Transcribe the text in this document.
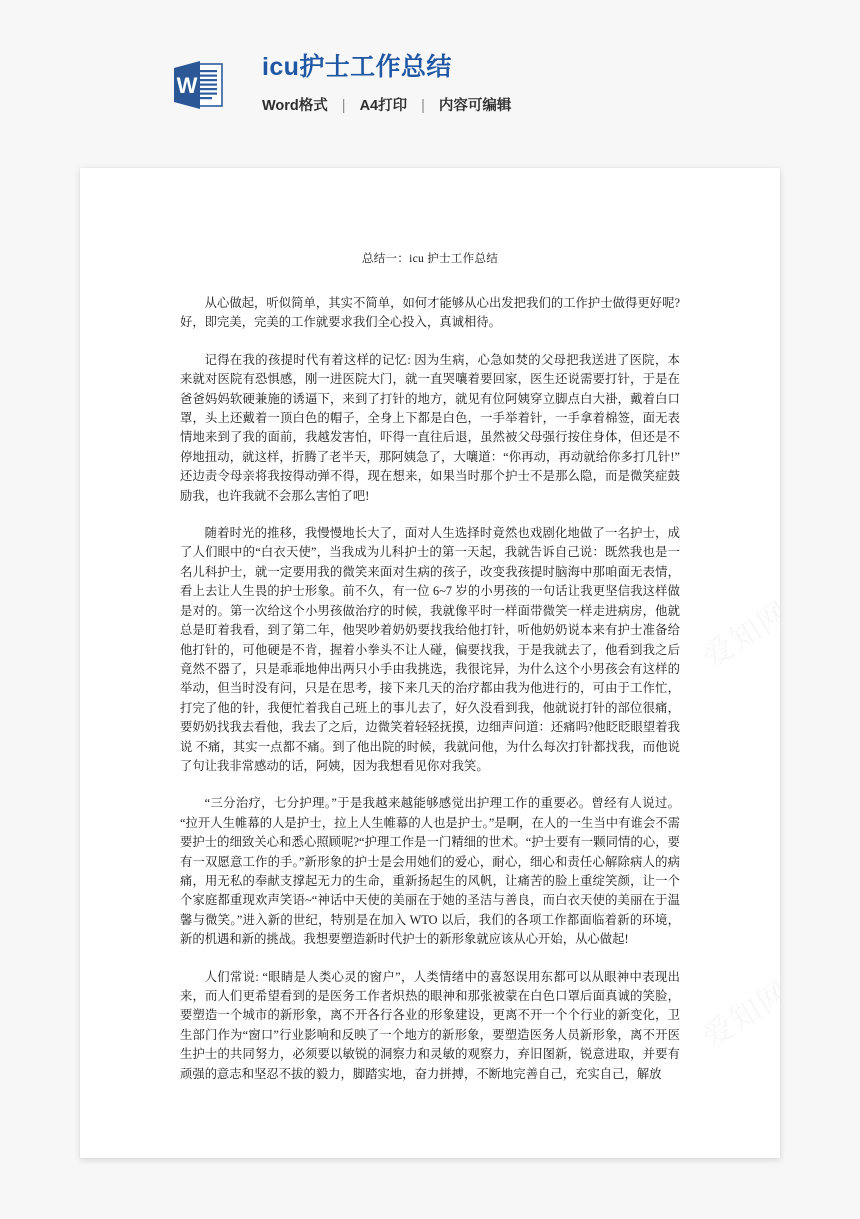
W
icu护士工作总结
Word格式 | A4打印 | 内容可编辑
总结一：icu 护士工作总结

从心做起，听似简单，其实不简单，如何才能够从心出发把我们的工作护士做得更好呢?好，即完美，完美的工作就要求我们全心投入，真诚相待。

记得在我的孩提时代有着这样的记忆: 因为生病，心急如焚的父母把我送进了医院，本来就对医院有恐惧感，刚一进医院大门，就一直哭嚷着要回家，医生还说需要打针，于是在爸爸妈妈软硬兼施的诱逼下，来到了打针的地方，就见有位阿姨穿立脚点白大褂，戴着白口罩，头上还戴着一顶白色的帽子，全身上下都是白色，一手举着针，一手拿着棉签，面无表情地来到了我的面前，我越发害怕，吓得一直往后退，虽然被父母强行按住身体，但还是不停地扭动，就这样，折腾了老半天，那阿姨急了，大嚷道：“你再动，再动就给你多打几针!”还边责令母亲将我按得动弹不得，现在想来，如果当时那个护士不是那么隐，而是微笑症鼓励我，也许我就不会那么害怕了吧!

随着时光的推移，我慢慢地长大了，面对人生选择时竟然也戏剧化地做了一名护士，成了人们眼中的“白衣天使”，当我成为儿科护士的第一天起，我就告诉自己说：既然我也是一名儿科护士，就一定要用我的微笑来面对生病的孩子，改变我孩提时脑海中那咱面无表情，看上去让人生畏的护士形象。前不久，有一位 6~7 岁的小男孩的一句话让我更坚信我这样做是对的。第一次给这个小男孩做治疗的时候，我就像平时一样面带微笑一样走进病房，他就总是盯着我看，到了第二年，他哭吵着奶奶要找我给他打针，听他奶奶说本来有护士准备给他打针的，可他硬是不肯，握着小拳头不让人碰，偏要找我，于是我就去了，他看到我之后竟然不器了，只是乖乖地伸出两只小手由我挑选，我很诧异，为什么这个小男孩会有这样的举动，但当时没有问，只是在思考，接下来几天的治疗都由我为他进行的，可由于工作忙，打完了他的针，我便忙着我自己班上的事儿去了，好久没看到我，他就说打针的部位很痛，要奶奶找我去看他，我去了之后，边微笑着轻轻抚摸，边细声问道：还痛吗?他眨眨眼望着我说 不痛，其实一点都不痛。到了他出院的时候，我就问他，为什么每次打针都找我，而他说了句让我非常感动的话，阿姨，因为我想看见你对我笑。

“三分治疗，七分护理。”于是我越来越能够感觉出护理工作的重要必。曾经有人说过。“拉开人生帷幕的人是护士，拉上人生帷幕的人也是护士。”是啊，在人的一生当中有谁会不需要护士的细致关心和悉心照顾呢?“护理工作是一门精细的世术。“护士要有一颗同情的心，要有一双愿意工作的手。”新形象的护士是会用她们的爱心，耐心，细心和责任心解除病人的病痛，用无私的奉献支撑起无力的生命，重新扬起生的风帆，让痛苦的脸上重绽笑颜，让一个个家庭都重现欢声笑语~“神话中天使的美丽在于她的圣洁与善良，而白衣天使的美丽在于温馨与微笑。”进入新的世纪，特别是在加入 WTO 以后，我们的各项工作都面临着新的环境，新的机遇和新的挑战。我想要塑造新时代护士的新形象就应该从心开始，从心做起!

人们常说: “眼睛是人类心灵的窗户”，人类情绪中的喜怒误用东都可以从眼神中表现出来，而人们更希望看到的是医务工作者炽热的眼神和那张被蒙在白色口罩后面真诚的笑脸，要塑造一个城市的新形象，离不开各行各业的形象建设，更离不开一个个行业的新变化，卫生部门作为“窗口”行业影响和反映了一个地方的新形象，要塑造医务人员新形象，离不开医生护士的共同努力，必须要以敏锐的洞察力和灵敏的观察力，弃旧图新，锐意进取，并要有顽强的意志和坚忍不拔的毅力，脚踏实地，奋力拼搏，不断地完善自己，充实自己，解放
